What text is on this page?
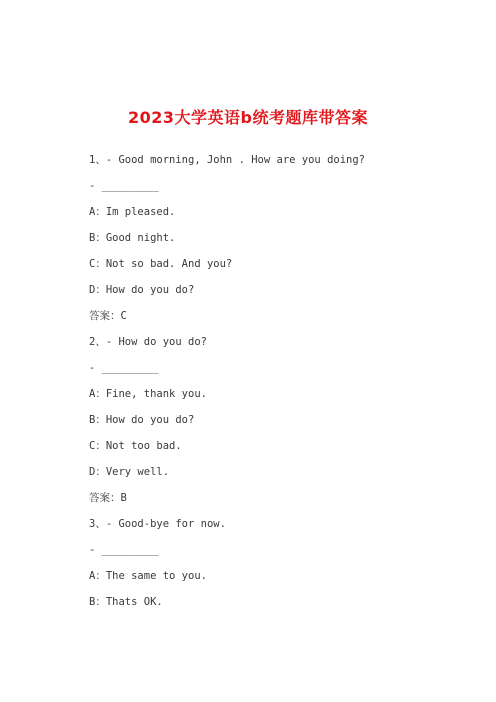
2023大学英语b统考题库带答案
1、- Good morning, John . How are you doing?
- _________
A：Im pleased.
B：Good night.
C：Not so bad. And you?
D：How do you do?
答案：C
2、- How do you do?
- _________
A：Fine, thank you.
B：How do you do?
C：Not too bad.
D：Very well.
答案：B
3、- Good-bye for now.
- _________
A：The same to you.
B：Thats OK.
